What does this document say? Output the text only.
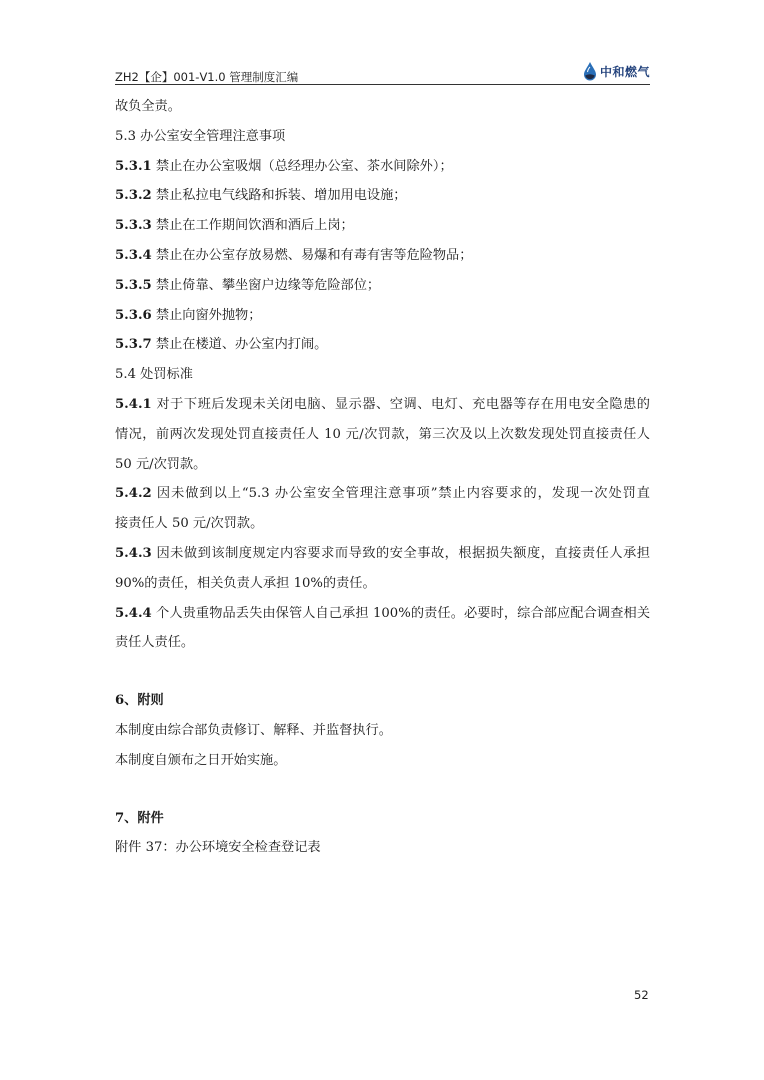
ZH2【企】001-V1.0 管理制度汇编	中和燃气
故负全责。
5.3 办公室安全管理注意事项
5.3.1 禁止在办公室吸烟（总经理办公室、茶水间除外）；
5.3.2 禁止私拉电气线路和拆装、增加用电设施；
5.3.3 禁止在工作期间饮酒和酒后上岗；
5.3.4 禁止在办公室存放易燃、易爆和有毒有害等危险物品；
5.3.5 禁止倚靠、攀坐窗户边缘等危险部位；
5.3.6 禁止向窗外抛物；
5.3.7 禁止在楼道、办公室内打闹。
5.4 处罚标准
5.4.1 对于下班后发现未关闭电脑、显示器、空调、电灯、充电器等存在用电安全隐患的
情况，前两次发现处罚直接责任人 10 元/次罚款，第三次及以上次数发现处罚直接责任人
50 元/次罚款。
5.4.2 因未做到以上“5.3 办公室安全管理注意事项”禁止内容要求的，发现一次处罚直
接责任人 50 元/次罚款。
5.4.3 因未做到该制度规定内容要求而导致的安全事故，根据损失额度，直接责任人承担
90%的责任，相关负责人承担 10%的责任。
5.4.4 个人贵重物品丢失由保管人自己承担 100%的责任。必要时，综合部应配合调查相关
责任人责任。
6、附则
本制度由综合部负责修订、解释、并监督执行。
本制度自颁布之日开始实施。
7、附件
附件 37：办公环境安全检查登记表
52
